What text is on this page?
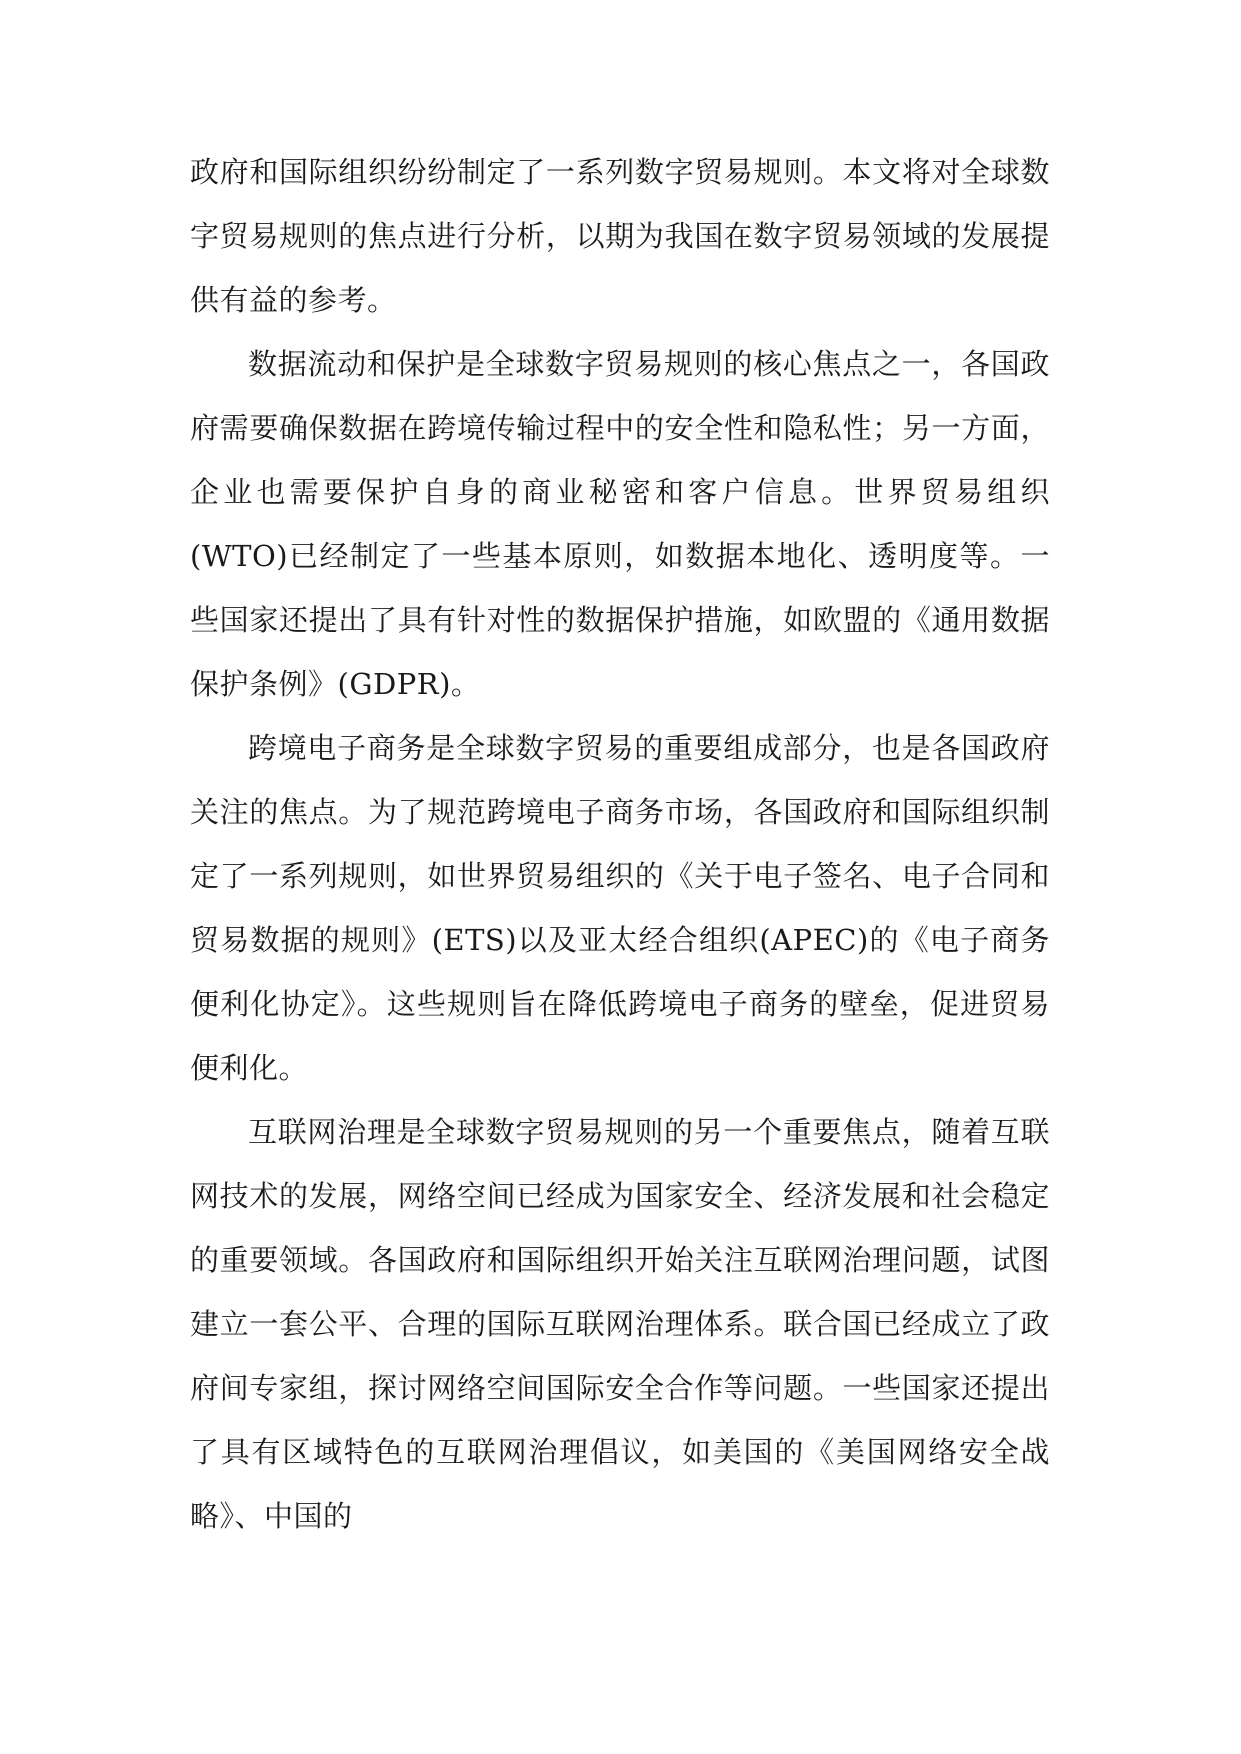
政府和国际组织纷纷制定了一系列数字贸易规则。本文将对全球数字贸易规则的焦点进行分析，以期为我国在数字贸易领域的发展提供有益的参考。

数据流动和保护是全球数字贸易规则的核心焦点之一，各国政府需要确保数据在跨境传输过程中的安全性和隐私性；另一方面，企业也需要保护自身的商业秘密和客户信息。世界贸易组织(WTO)已经制定了一些基本原则，如数据本地化、透明度等。一些国家还提出了具有针对性的数据保护措施，如欧盟的《通用数据保护条例》(GDPR)。

跨境电子商务是全球数字贸易的重要组成部分，也是各国政府关注的焦点。为了规范跨境电子商务市场，各国政府和国际组织制定了一系列规则，如世界贸易组织的《关于电子签名、电子合同和贸易数据的规则》(ETS)以及亚太经合组织(APEC)的《电子商务便利化协定》。这些规则旨在降低跨境电子商务的壁垒，促进贸易便利化。

互联网治理是全球数字贸易规则的另一个重要焦点，随着互联网技术的发展，网络空间已经成为国家安全、经济发展和社会稳定的重要领域。各国政府和国际组织开始关注互联网治理问题，试图建立一套公平、合理的国际互联网治理体系。联合国已经成立了政府间专家组，探讨网络空间国际安全合作等问题。一些国家还提出了具有区域特色的互联网治理倡议，如美国的《美国网络安全战略》、中国的
